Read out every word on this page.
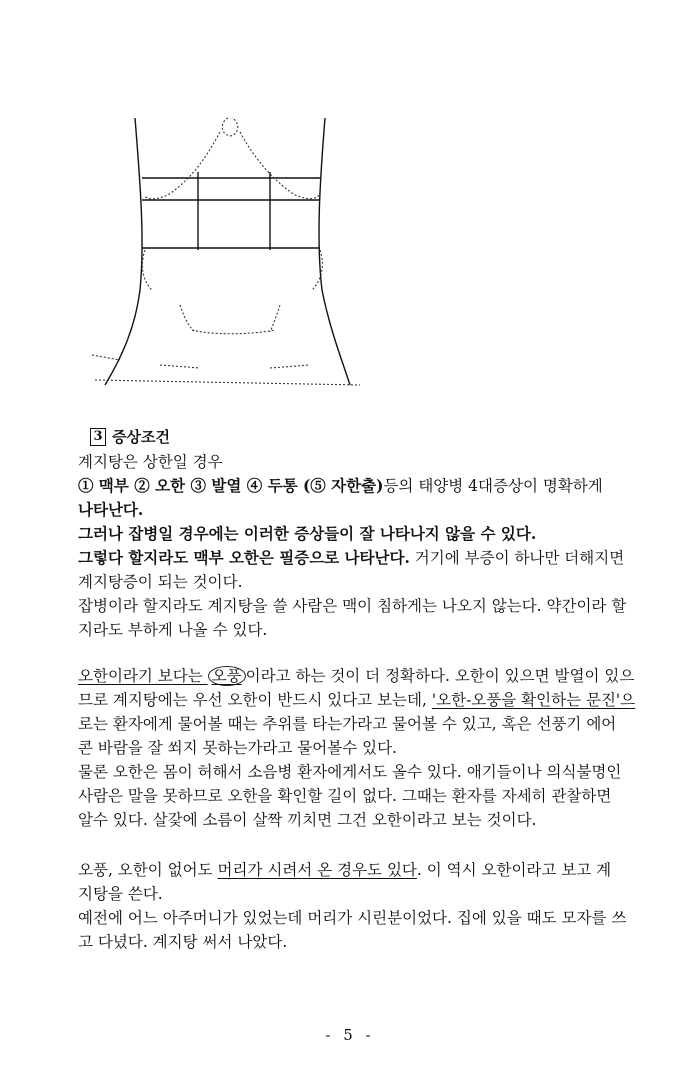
3 증상조건
계지탕은 상한일 경우
① 맥부 ② 오한 ③ 발열 ④ 두통 (⑤ 자한출)등의 태양병 4대증상이 명확하게
나타난다.
그러나 잡병일 경우에는 이러한 증상들이 잘 나타나지 않을 수 있다.
그렇다 할지라도 맥부 오한은 필증으로 나타난다. 거기에 부증이 하나만 더해지면
계지탕증이 되는 것이다.
잡병이라 할지라도 계지탕을 쓸 사람은 맥이 침하게는 나오지 않는다. 약간이라 할
지라도 부하게 나올 수 있다.
오한이라기 보다는 오풍 이라고 하는 것이 더 정확하다. 오한이 있으면 발열이 있으
므로 계지탕에는 우선 오한이 반드시 있다고 보는데, '오한-오풍을 확인하는 문진'으
로는 환자에게 물어볼 때는 추위를 타는가라고 물어볼 수 있고, 혹은 선풍기 에어
콘 바람을 잘 쐬지 못하는가라고 물어볼수 있다.
물론 오한은 몸이 허해서 소음병 환자에게서도 올수 있다. 애기들이나 의식불명인
사람은 말을 못하므로 오한을 확인할 길이 없다. 그때는 환자를 자세히 관찰하면
알수 있다. 살갗에 소름이 살짝 끼치면 그건 오한이라고 보는 것이다.
오풍, 오한이 없어도 머리가 시려서 온 경우도 있다. 이 역시 오한이라고 보고 계
지탕을 쓴다.
예전에 어느 아주머니가 있었는데 머리가 시린분이었다. 집에 있을 때도 모자를 쓰
고 다녔다. 계지탕 써서 나았다.
- 5 -
